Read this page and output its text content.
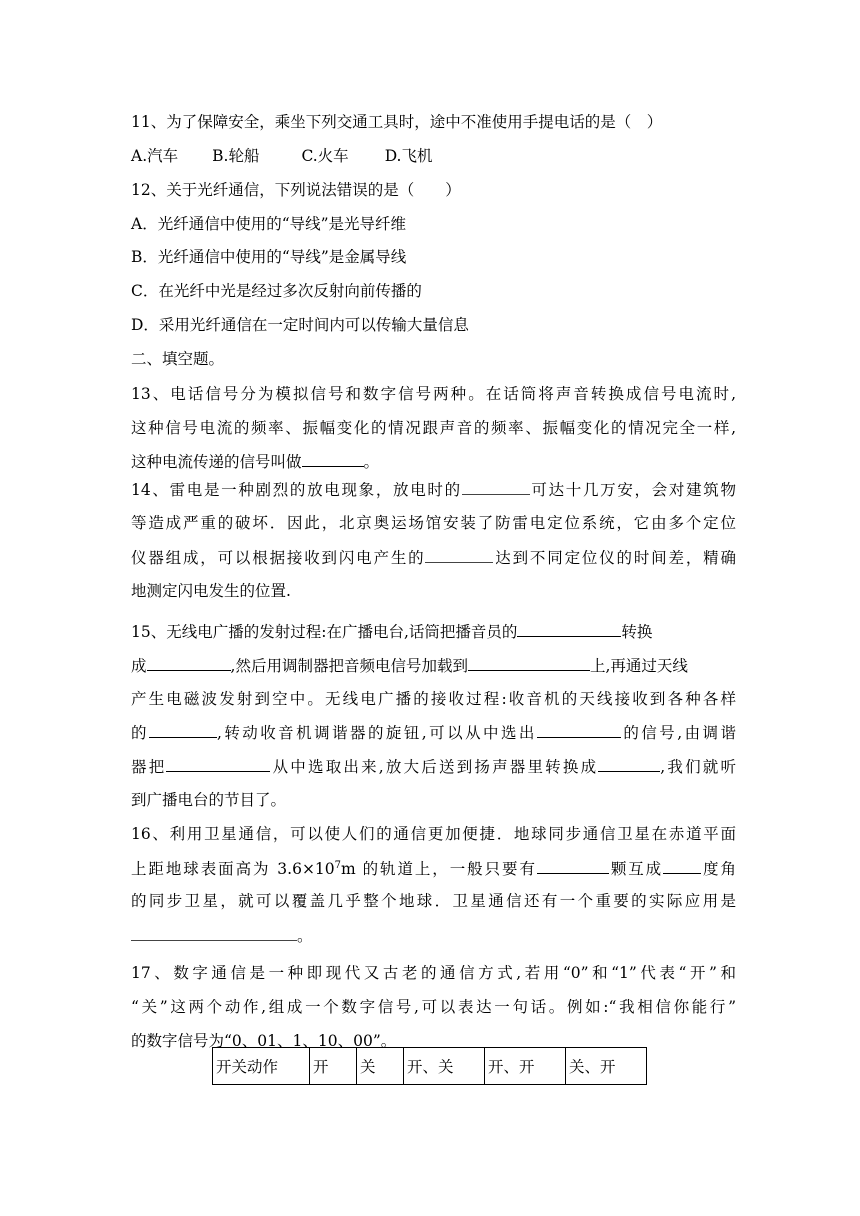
11、为了保障安全，乘坐下列交通工具时，途中不准使用手提电话的是（　）
A.汽车 B.轮船	C.火车 D.飞机
12、关于光纤通信，下列说法错误的是（　　）
A．光纤通信中使用的“导线”是光导纤维
B．光纤通信中使用的“导线”是金属导线
C．在光纤中光是经过多次反射向前传播的
D．采用光纤通信在一定时间内可以传输大量信息
二、填空题。
13、电话信号分为模拟信号和数字信号两种。在话筒将声音转换成信号电流时,
这种信号电流的频率、振幅变化的情况跟声音的频率、振幅变化的情况完全一样,
这种电流传递的信号叫做	。
14、雷电是一种剧烈的放电现象，放电时的	可达十几万安，会对建筑物
等造成严重的破坏．因此，北京奥运场馆安装了防雷电定位系统，它由多个定位
仪器组成，可以根据接收到闪电产生的	达到不同定位仪的时间差，精确
地测定闪电发生的位置.
15、无线电广播的发射过程:在广播电台,话筒把播音员的	转换
成	,然后用调制器把音频电信号加载到	上,再通过天线
产生电磁波发射到空中。无线电广播的接收过程:收音机的天线接收到各种各样
的	,转动收音机调谐器的旋钮,可以从中选出	的信号,由调谐
器把	从中选取出来,放大后送到扬声器里转换成	,我们就听
到广播电台的节目了。
16、利用卫星通信，可以使人们的通信更加便捷．地球同步通信卫星在赤道平面
上距地球表面高为 $3.6\times 10^7m$ 的轨道上，一般只要有	颗互成 度角
的同步卫星，就可以覆盖几乎整个地球．卫星通信还有一个重要的实际应用是
。
17、数字通信是一种即现代又古老的通信方式,若用“0”和“1”代表“开”和
“关”这两个动作,组成一个数字信号,可以表达一句话。例如:“我相信你能行”
的数字信号为“0、01、1、10、00”。
开关动作	开	关	开、关	开、开	关、开
